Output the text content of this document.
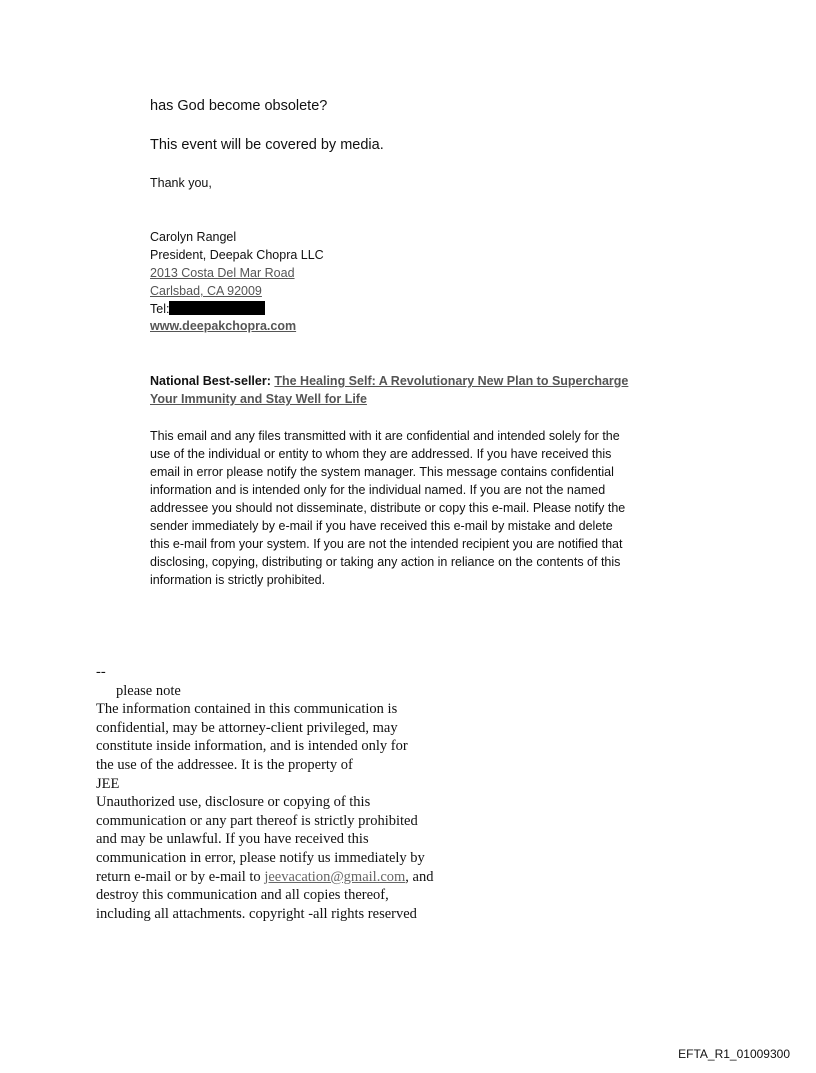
has God become obsolete?
This event will be covered by media.
Thank you,
Carolyn Rangel
President, Deepak Chopra LLC
2013 Costa Del Mar Road
Carlsbad, CA 92009
Tel:
www.deepakchopra.com
National Best-seller: The Healing Self: A Revolutionary New Plan to Supercharge
Your Immunity and Stay Well for Life
This email and any files transmitted with it are confidential and intended solely for the
use of the individual or entity to whom they are addressed. If you have received this
email in error please notify the system manager. This message contains confidential
information and is intended only for the individual named. If you are not the named
addressee you should not disseminate, distribute or copy this e-mail. Please notify the
sender immediately by e-mail if you have received this e-mail by mistake and delete
this e-mail from your system. If you are not the intended recipient you are notified that
disclosing, copying, distributing or taking any action in reliance on the contents of this
information is strictly prohibited.
--
please note
The information contained in this communication is
confidential, may be attorney-client privileged, may
constitute inside information, and is intended only for
the use of the addressee. It is the property of
JEE
Unauthorized use, disclosure or copying of this
communication or any part thereof is strictly prohibited
and may be unlawful. If you have received this
communication in error, please notify us immediately by
return e-mail or by e-mail to jeevacation@gmail.com, and
destroy this communication and all copies thereof,
including all attachments. copyright -all rights reserved
EFTA_R1_01009300
